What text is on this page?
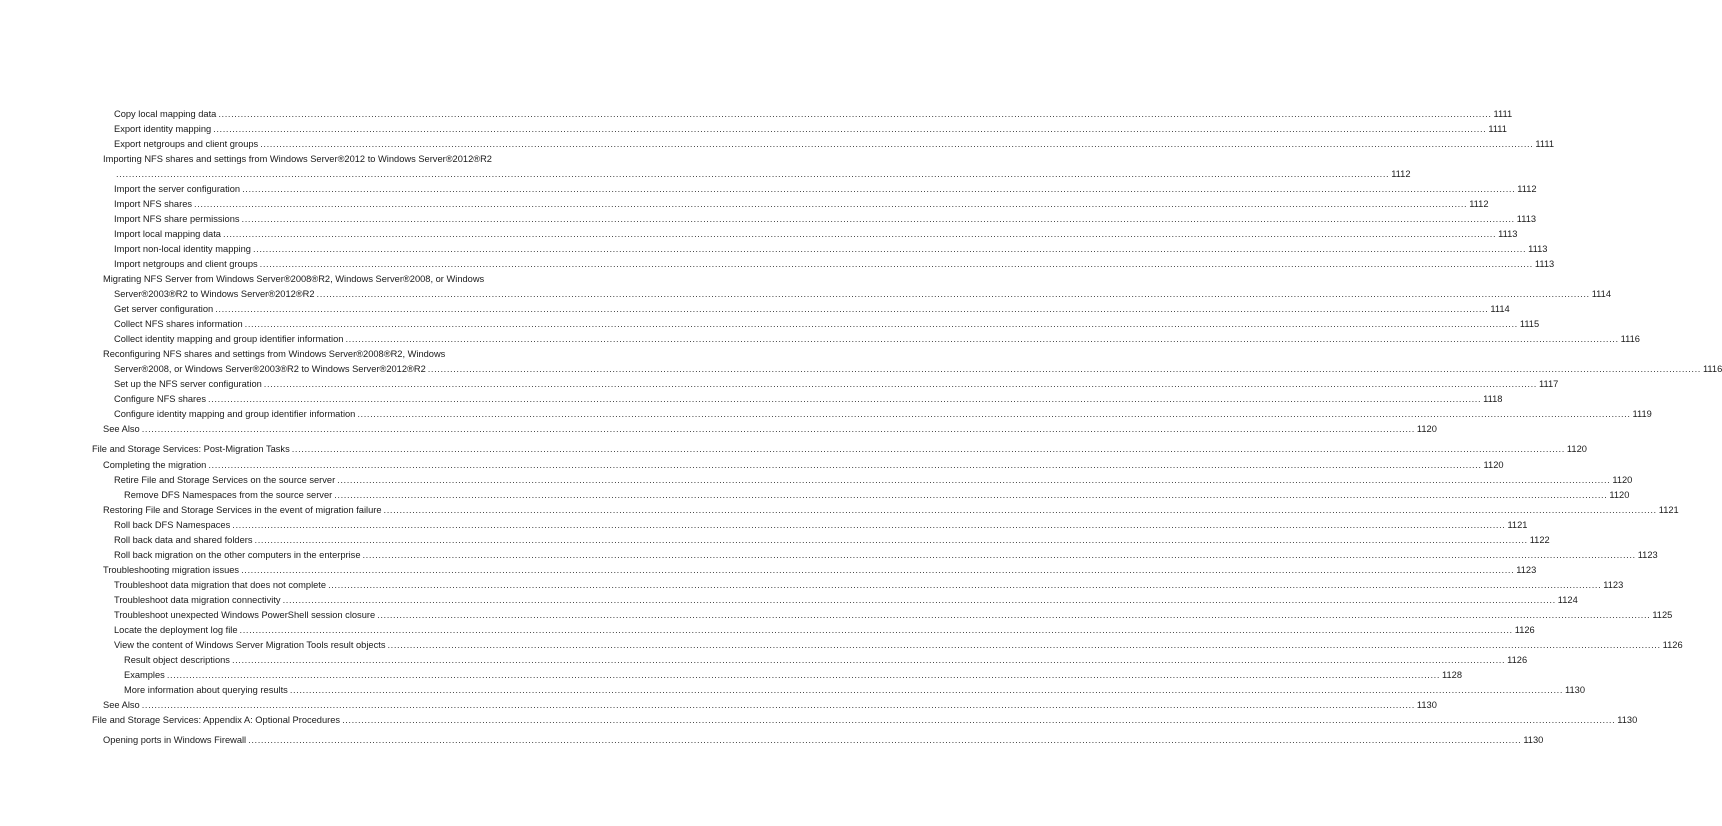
Copy local mapping data ................................................................................................................................................................................................................................................................................................................................................................................................................ 1111
Export identity mapping ................................................................................................................................................................................................................................................................................................................................................................................................................ 1111
Export netgroups and client groups ................................................................................................................................................................................................................................................................................................................................................................................................................ 1111
Importing NFS shares and settings from Windows Server®2012 to Windows Server®2012®R2
................................................................................................................................................................................................................................................................................................................................................................................................................ 1112
Import the server configuration ................................................................................................................................................................................................................................................................................................................................................................................................................ 1112
Import NFS shares ................................................................................................................................................................................................................................................................................................................................................................................................................ 1112
Import NFS share permissions ................................................................................................................................................................................................................................................................................................................................................................................................................ 1113
Import local mapping data ................................................................................................................................................................................................................................................................................................................................................................................................................ 1113
Import non-local identity mapping ................................................................................................................................................................................................................................................................................................................................................................................................................ 1113
Import netgroups and client groups ................................................................................................................................................................................................................................................................................................................................................................................................................ 1113
Migrating NFS Server from Windows Server®2008®R2, Windows Server®2008, or Windows
Server®2003®R2 to Windows Server®2012®R2 ................................................................................................................................................................................................................................................................................................................................................................................................................ 1114
Get server configuration ................................................................................................................................................................................................................................................................................................................................................................................................................ 1114
Collect NFS shares information ................................................................................................................................................................................................................................................................................................................................................................................................................ 1115
Collect identity mapping and group identifier information ................................................................................................................................................................................................................................................................................................................................................................................................................ 1116
Reconfiguring NFS shares and settings from Windows Server®2008®R2, Windows
Server®2008, or Windows Server®2003®R2 to Windows Server®2012®R2 ................................................................................................................................................................................................................................................................................................................................................................................................................ 1116
Set up the NFS server configuration ................................................................................................................................................................................................................................................................................................................................................................................................................ 1117
Configure NFS shares ................................................................................................................................................................................................................................................................................................................................................................................................................ 1118
Configure identity mapping and group identifier information ................................................................................................................................................................................................................................................................................................................................................................................................................ 1119
See Also ................................................................................................................................................................................................................................................................................................................................................................................................................ 1120
File and Storage Services: Post-Migration Tasks ................................................................................................................................................................................................................................................................................................................................................................................................................ 1120
Completing the migration ................................................................................................................................................................................................................................................................................................................................................................................................................ 1120
Retire File and Storage Services on the source server ................................................................................................................................................................................................................................................................................................................................................................................................................ 1120
Remove DFS Namespaces from the source server ................................................................................................................................................................................................................................................................................................................................................................................................................ 1120
Restoring File and Storage Services in the event of migration failure ................................................................................................................................................................................................................................................................................................................................................................................................................ 1121
Roll back DFS Namespaces ................................................................................................................................................................................................................................................................................................................................................................................................................ 1121
Roll back data and shared folders ................................................................................................................................................................................................................................................................................................................................................................................................................ 1122
Roll back migration on the other computers in the enterprise ................................................................................................................................................................................................................................................................................................................................................................................................................ 1123
Troubleshooting migration issues ................................................................................................................................................................................................................................................................................................................................................................................................................ 1123
Troubleshoot data migration that does not complete ................................................................................................................................................................................................................................................................................................................................................................................................................ 1123
Troubleshoot data migration connectivity ................................................................................................................................................................................................................................................................................................................................................................................................................ 1124
Troubleshoot unexpected Windows PowerShell session closure ................................................................................................................................................................................................................................................................................................................................................................................................................ 1125
Locate the deployment log file ................................................................................................................................................................................................................................................................................................................................................................................................................ 1126
View the content of Windows Server Migration Tools result objects ................................................................................................................................................................................................................................................................................................................................................................................................................ 1126
Result object descriptions ................................................................................................................................................................................................................................................................................................................................................................................................................ 1126
Examples ................................................................................................................................................................................................................................................................................................................................................................................................................ 1128
More information about querying results ................................................................................................................................................................................................................................................................................................................................................................................................................ 1130
See Also ................................................................................................................................................................................................................................................................................................................................................................................................................ 1130
File and Storage Services: Appendix A: Optional Procedures ................................................................................................................................................................................................................................................................................................................................................................................................................ 1130
Opening ports in Windows Firewall ................................................................................................................................................................................................................................................................................................................................................................................................................ 1130
